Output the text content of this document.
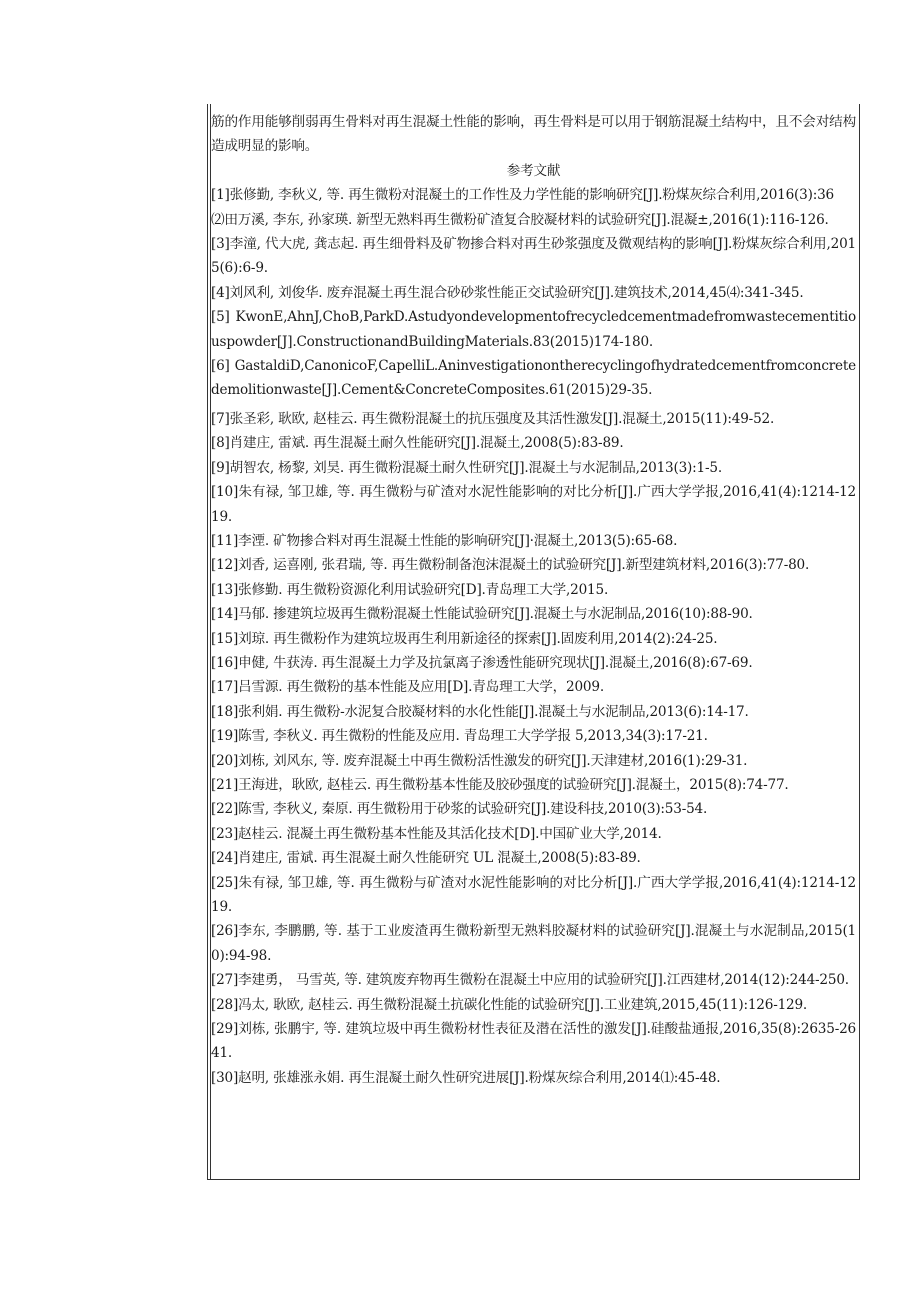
筋的作用能够削弱再生骨料对再生混凝土性能的影响，再生骨料是可以用于钢筋混凝土结构中，且不会对结构造成明显的影响。

参考文献

[1]张修勤, 李秋义, 等. 再生微粉对混凝土的工作性及力学性能的影响研究[J].粉煤灰综合利用,2016(3):36

⑵田万溪, 李东, 孙家瑛. 新型无熟料再生微粉矿渣复合胶凝材料的试验研究[J].混凝±,2016(1):116-126.

[3]李潼, 代大虎, 龚志起. 再生细骨料及矿物掺合料对再生砂浆强度及微观结构的影响[J].粉煤灰综合利用,2015(6):6-9.

[4]刘风利, 刘俊华. 废弃混凝土再生混合砂砂浆性能正交试验研究[J].建筑技术,2014,45⑷:341-345.

[5] KwonE,AhnJ,ChoB,ParkD.Astudyondevelopmentofrecycledcementmadefromwastecementitiouspowder[J].ConstructionandBuildingMaterials.83(2015)174-180.

[6] GastaldiD,CanonicoF,CapelliL.Aninvestigationontherecyclingofhydratedcementfromconcretedemolitionwaste[J].Cement&ConcreteComposites.61(2015)29-35.

[7]张圣彩, 耿欧, 赵桂云. 再生微粉混凝土的抗压强度及其活性激发[J].混凝土,2015(11):49-52.

[8]肖建庄, 雷斌. 再生混凝土耐久性能研究[J].混凝土,2008(5):83-89.

[9]胡智农, 杨黎, 刘昊. 再生微粉混凝土耐久性研究[J].混凝土与水泥制品,2013(3):1-5.

[10]朱有禄, 邹卫雄, 等. 再生微粉与矿渣对水泥性能影响的对比分析[J].广西大学学报,2016,41(4):1214-1219.

[11]李湮. 矿物掺合料对再生混凝土性能的影响研究[J]·混凝土,2013(5):65-68.

[12]刘香, 运喜刚, 张君瑞, 等. 再生微粉制备泡沫混凝土的试验研究[J].新型建筑材料,2016(3):77-80.

[13]张修勤. 再生微粉资源化利用试验研究[D].青岛理工大学,2015.

[14]马郁. 掺建筑垃圾再生微粉混凝土性能试验研究[J].混凝土与水泥制品,2016(10):88-90.

[15]刘琼. 再生微粉作为建筑垃圾再生利用新途径的探索[J].固废利用,2014(2):24-25.

[16]申健, 牛获涛. 再生混凝土力学及抗氯离子渗透性能研究现状[J].混凝土,2016(8):67-69.

[17]吕雪源. 再生微粉的基本性能及应用[D].青岛理工大学，2009.

[18]张利娟. 再生微粉-水泥复合胶凝材料的水化性能[J].混凝土与水泥制品,2013(6):14-17.

[19]陈雪, 李秋义. 再生微粉的性能及应用. 青岛理工大学学报 5,2013,34(3):17-21.

[20]刘栋, 刘风东, 等. 废弃混凝土中再生微粉活性激发的研究[J].天津建材,2016(1):29-31.

[21]王海进，耿欧, 赵桂云. 再生微粉基本性能及胶砂强度的试验研究[J].混凝土，2015(8):74-77.

[22]陈雪, 李秋义, 秦原. 再生微粉用于砂浆的试验研究[J].建设科技,2010(3):53-54.

[23]赵桂云. 混凝土再生微粉基本性能及其活化技术[D].中国矿业大学,2014.

[24]肖建庄, 雷斌. 再生混凝土耐久性能研究 UL 混凝土,2008(5):83-89.

[25]朱有禄, 邹卫雄, 等. 再生微粉与矿渣对水泥性能影响的对比分析[J].广西大学学报,2016,41(4):1214-1219.

[26]李东, 李鹏鹏, 等. 基于工业废渣再生微粉新型无熟料胶凝材料的试验研究[J].混凝土与水泥制品,2015(10):94-98.

[27]李建勇， 马雪英, 等. 建筑废弃物再生微粉在混凝土中应用的试验研究[J].江西建材,2014(12):244-250.

[28]冯太, 耿欧, 赵桂云. 再生微粉混凝土抗碳化性能的试验研究[J].工业建筑,2015,45(11):126-129.

[29]刘栋, 张鹏宇, 等. 建筑垃圾中再生微粉材性表征及潜在活性的激发[J].硅酸盐通报,2016,35(8):2635-2641.

[30]赵明, 张雄涨永娟. 再生混凝土耐久性研究进展[J].粉煤灰综合利用,2014⑴:45-48.
